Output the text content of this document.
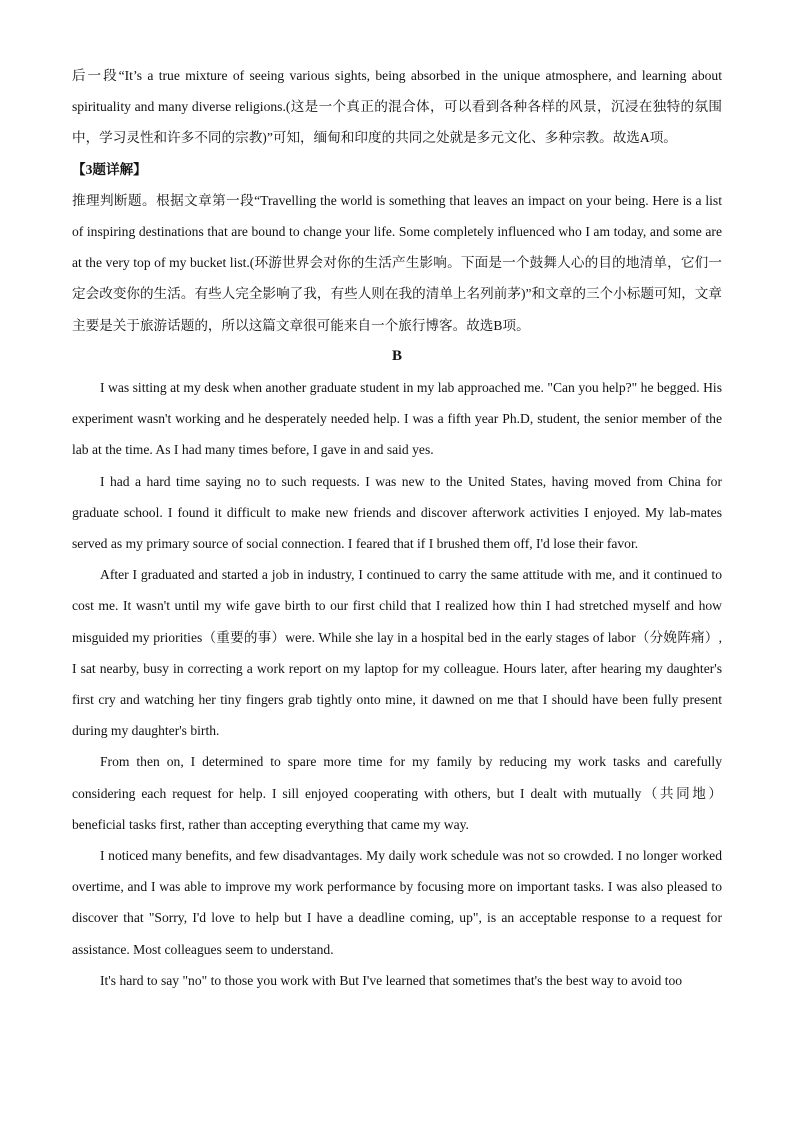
后一段“It’s a true mixture of seeing various sights, being absorbed in the unique atmosphere, and learning about spirituality and many diverse religions.(这是一个真正的混合体，可以看到各种各样的风景，沉浸在独特的氛围中，学习灵性和许多不同的宗教)”可知，缅甸和印度的共同之处就是多元文化、多种宗教。故选A项。

【3题详解】

推理判断题。根据文章第一段“Travelling the world is something that leaves an impact on your being. Here is a list of inspiring destinations that are bound to change your life. Some completely influenced who I am today, and some are at the very top of my bucket list.(环游世界会对你的生活产生影响。下面是一个鼓舞人心的目的地清单，它们一定会改变你的生活。有些人完全影响了我，有些人则在我的清单上名列前茅)”和文章的三个小标题可知，文章主要是关于旅游话题的，所以这篇文章很可能来自一个旅行博客。故选B项。

B

I was sitting at my desk when another graduate student in my lab approached me. "Can you help?" he begged. His experiment wasn't working and he desperately needed help. I was a fifth year Ph.D, student, the senior member of the lab at the time. As I had many times before, I gave in and said yes.

I had a hard time saying no to such requests. I was new to the United States, having moved from China for graduate school. I found it difficult to make new friends and discover afterwork activities I enjoyed. My lab-mates served as my primary source of social connection. I feared that if I brushed them off, I'd lose their favor.

After I graduated and started a job in industry, I continued to carry the same attitude with me, and it continued to cost me. It wasn't until my wife gave birth to our first child that I realized how thin I had stretched myself and how misguided my priorities（重要的事）were. While she lay in a hospital bed in the early stages of labor（分娩阵痛）, I sat nearby, busy in correcting a work report on my laptop for my colleague. Hours later, after hearing my daughter's first cry and watching her tiny fingers grab tightly onto mine, it dawned on me that I should have been fully present during my daughter's birth.

From then on, I determined to spare more time for my family by reducing my work tasks and carefully considering each request for help. I sill enjoyed cooperating with others, but I dealt with mutually（共同地）beneficial tasks first, rather than accepting everything that came my way.

I noticed many benefits, and few disadvantages. My daily work schedule was not so crowded. I no longer worked overtime, and I was able to improve my work performance by focusing more on important tasks. I was also pleased to discover that "Sorry, I'd love to help but I have a deadline coming, up", is an acceptable response to a request for assistance. Most colleagues seem to understand.

It's hard to say "no" to those you work with But I've learned that sometimes that's the best way to avoid too
